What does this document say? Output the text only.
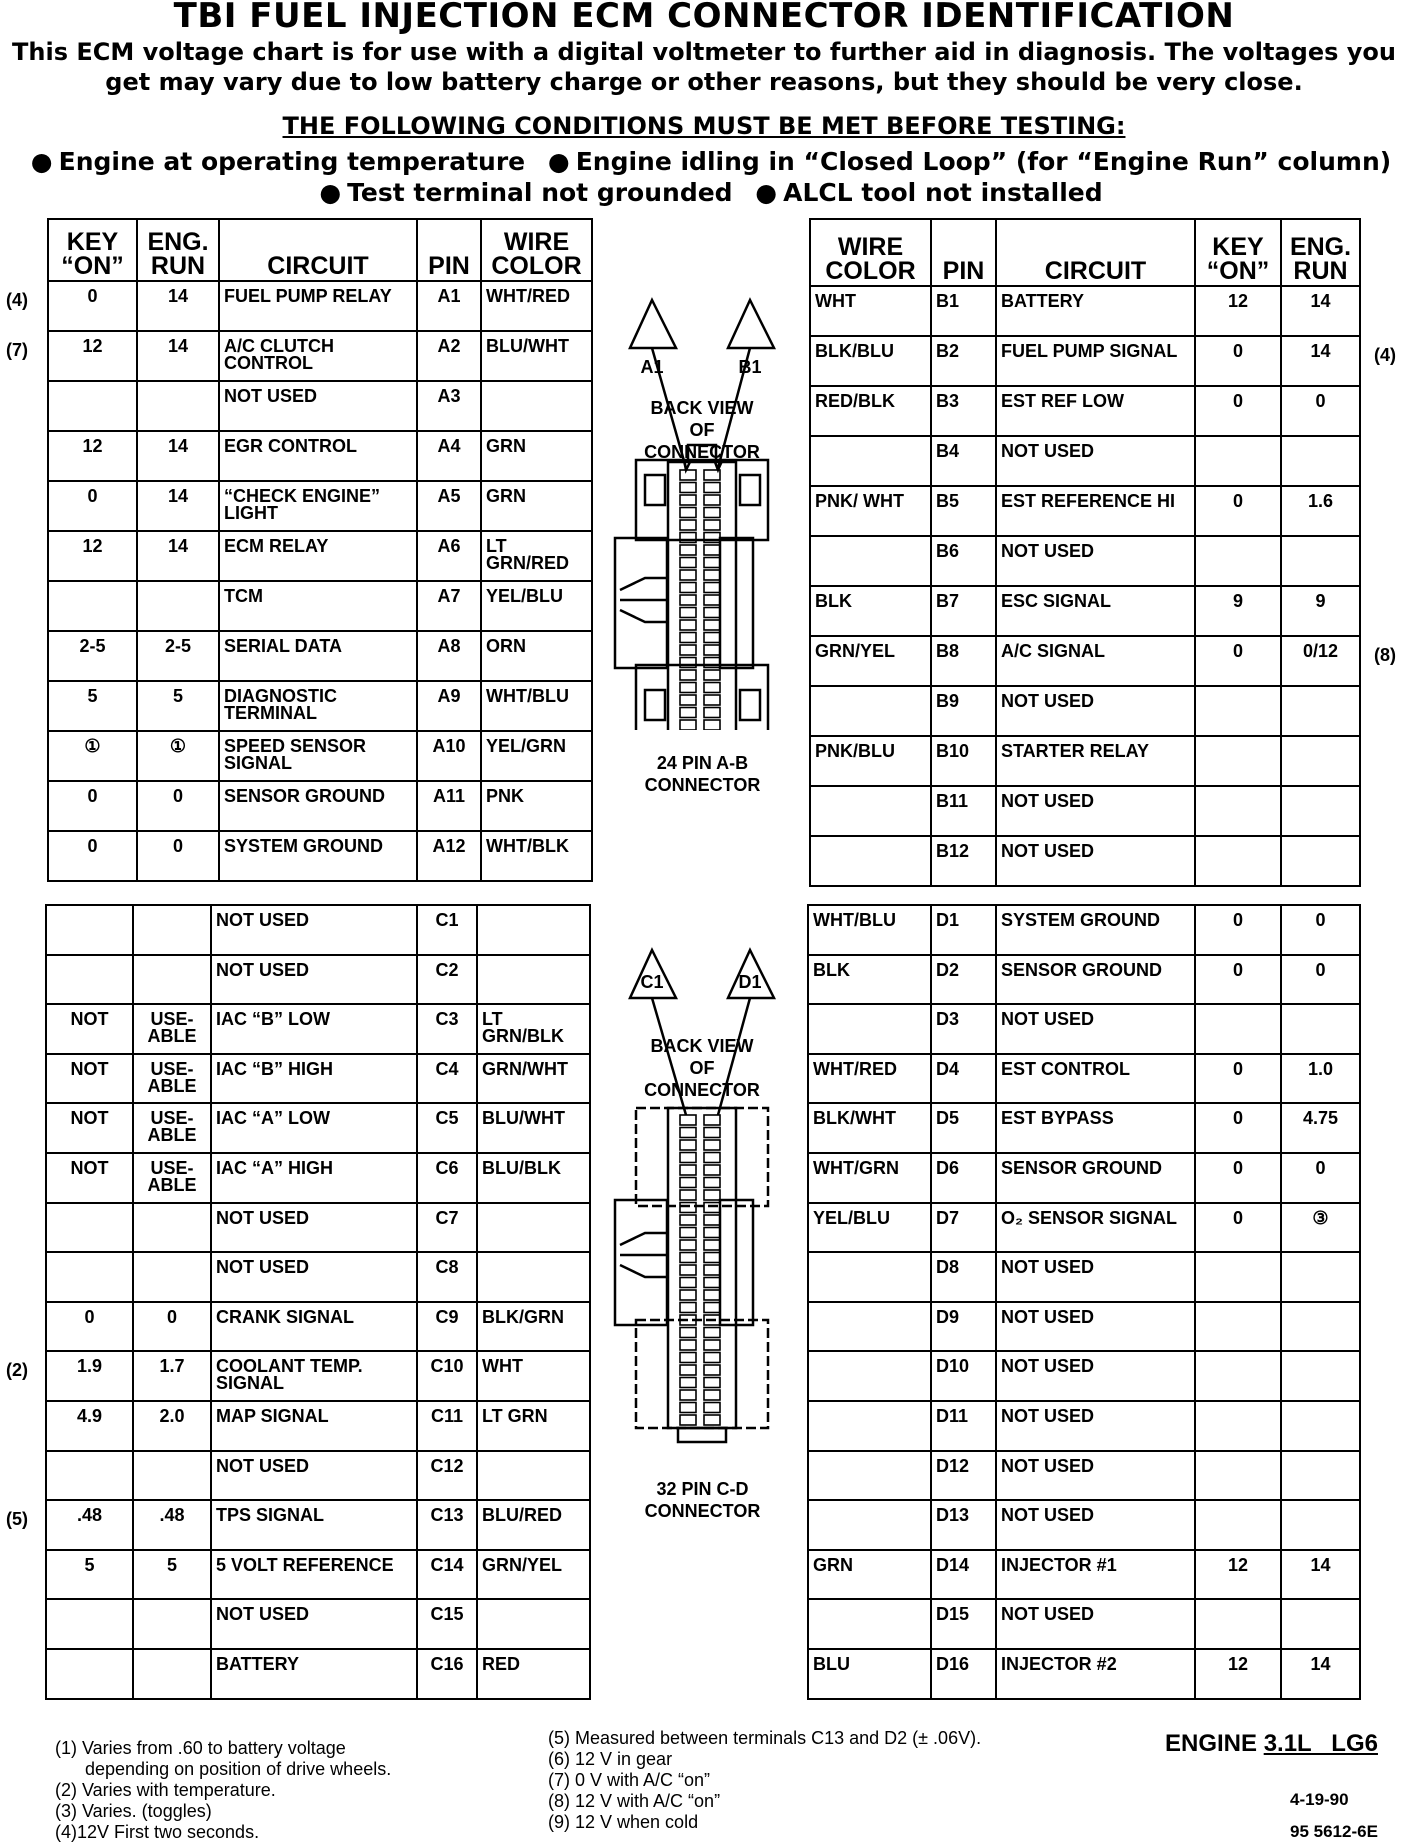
TBI FUEL INJECTION ECM CONNECTOR IDENTIFICATION
This ECM voltage chart is for use with a digital voltmeter to further aid in diagnosis. The voltages you
get may vary due to low battery charge or other reasons, but they should be very close.
THE FOLLOWING CONDITIONS MUST BE MET BEFORE TESTING:
● Engine at operating temperature ● Engine idling in “Closed Loop” (for “Engine Run” column)
● Test terminal not grounded ● ALCL tool not installed
KEY “ON”	ENG. RUN	CIRCUIT	PIN	WIRE COLOR
0	14	FUEL PUMP RELAY	A1	WHT/RED
12	14	A/C CLUTCH CONTROL	A2	BLU/WHT
		NOT USED	A3	
12	14	EGR CONTROL	A4	GRN
0	14	“CHECK ENGINE” LIGHT	A5	GRN
12	14	ECM RELAY	A6	LT GRN/RED
		TCM	A7	YEL/BLU
2-5	2-5	SERIAL DATA	A8	ORN
5	5	DIAGNOSTIC TERMINAL	A9	WHT/BLU
①	①	SPEED SENSOR SIGNAL	A10	YEL/GRN
0	0	SENSOR GROUND	A11	PNK
0	0	SYSTEM GROUND	A12	WHT/BLK
WIRE COLOR	PIN	CIRCUIT	KEY “ON”	ENG. RUN
WHT	B1	BATTERY	12	14
BLK/BLU	B2	FUEL PUMP SIGNAL	0	14
RED/BLK	B3	EST REF LOW	0	0
	B4	NOT USED		
PNK/ WHT	B5	EST REFERENCE HI	0	1.6
	B6	NOT USED		
BLK	B7	ESC SIGNAL	9	9
GRN/YEL	B8	A/C SIGNAL	0	0/12
	B9	NOT USED		
PNK/BLU	B10	STARTER RELAY		
	B11	NOT USED		
	B12	NOT USED		
		NOT USED	C1	
		NOT USED	C2	
NOT	USE- ABLE	IAC “B” LOW	C3	LT GRN/BLK
NOT	USE- ABLE	IAC “B” HIGH	C4	GRN/WHT
NOT	USE- ABLE	IAC “A” LOW	C5	BLU/WHT
NOT	USE- ABLE	IAC “A” HIGH	C6	BLU/BLK
		NOT USED	C7	
		NOT USED	C8	
0	0	CRANK SIGNAL	C9	BLK/GRN
1.9	1.7	COOLANT TEMP. SIGNAL	C10	WHT
4.9	2.0	MAP SIGNAL	C11	LT GRN
		NOT USED	C12	
.48	.48	TPS SIGNAL	C13	BLU/RED
5	5	5 VOLT REFERENCE	C14	GRN/YEL
		NOT USED	C15	
		BATTERY	C16	RED
WHT/BLU	D1	SYSTEM GROUND	0	0
BLK	D2	SENSOR GROUND	0	0
	D3	NOT USED		
WHT/RED	D4	EST CONTROL	0	1.0
BLK/WHT	D5	EST BYPASS	0	4.75
WHT/GRN	D6	SENSOR GROUND	0	0
YEL/BLU	D7	O₂ SENSOR SIGNAL	0	③
	D8	NOT USED		
	D9	NOT USED		
	D10	NOT USED		
	D11	NOT USED		
	D12	NOT USED		
	D13	NOT USED		
GRN	D14	INJECTOR #1	12	14
	D15	NOT USED		
BLU	D16	INJECTOR #2	12	14
A1	B1
BACK VIEW
OF
CONNECTOR
24 PIN A-B
CONNECTOR
C1	D1
BACK VIEW
OF
CONNECTOR
32 PIN C-D
CONNECTOR
(1) Varies from .60 to battery voltage
depending on position of drive wheels.
(2) Varies with temperature.
(3) Varies. (toggles)
(4)12V First two seconds.
(5) Measured between terminals C13 and D2 (± .06V).
(6) 12 V in gear
(7) 0 V with A/C “on”
(8) 12 V with A/C “on”
(9) 12 V when cold
ENGINE 3.1L   LG6
4-19-90
95 5612-6E
(4)
(7)	(4)
(8)
(2)
(5)
